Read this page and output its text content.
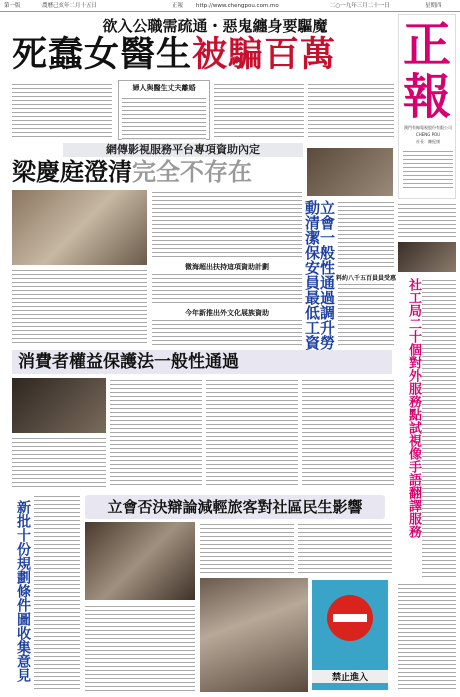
第一版	農曆己亥年二月十五日	正報 http://www.chengpou.com.mo	二○一九年三月二十一日	星期四
欲入公職需疏通・惡鬼纏身要驅魔
死蠢女醫生被騙百萬	正
報
澳門有線電視股份有限公司
CHENG POU
社長：陳紀康
婦人與醫生丈夫離婚
網傳影視服務平台專項資助內定
梁慶庭澄清完全不存在
微海超出扶持這項資助計劃
今年新推出外文化展族資助	立會一般性通過調升勞動清潔保安員最低工資	料約八千五百員員受惠 社工局二十個對外服務點試視像手語翻譯服務
消費者權益保護法一般性通過
新批十份規劃條件圖收集意見	立會否決辯論減輕旅客對社區民生影響
禁止進入
